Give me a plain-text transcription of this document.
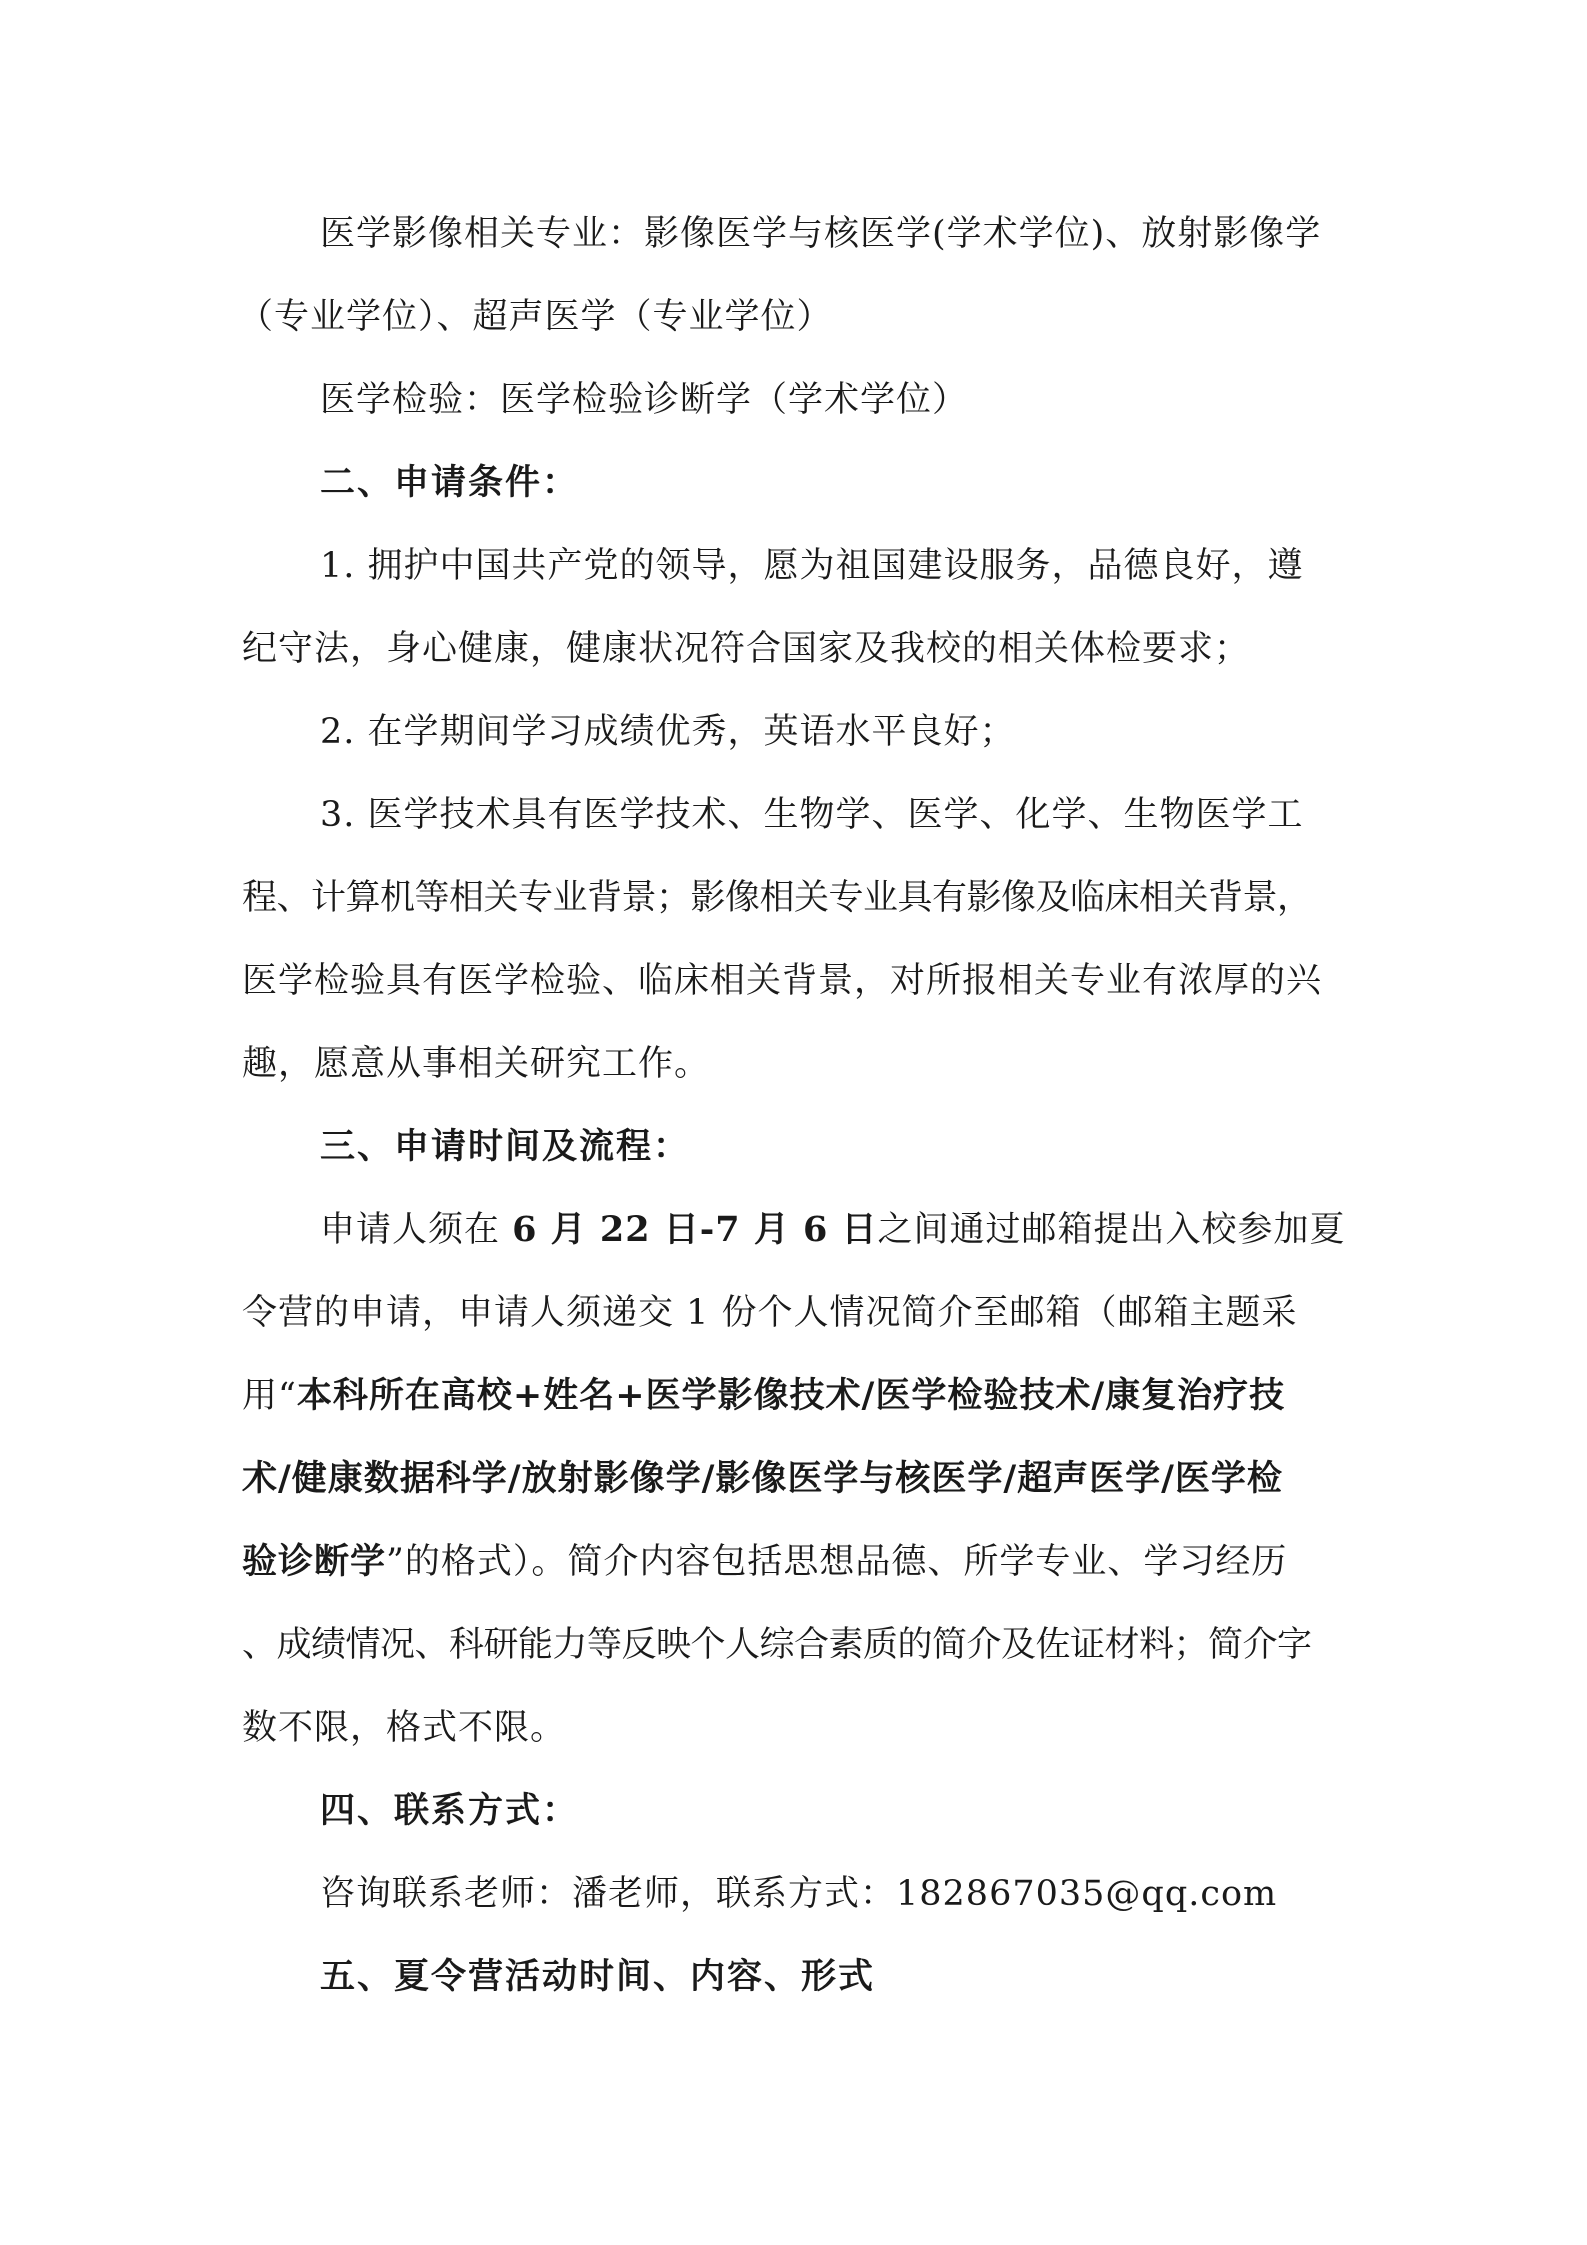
医学影像相关专业：影像医学与核医学(学术学位)、放射影像学
（专业学位）、超声医学（专业学位）
医学检验：医学检验诊断学（学术学位）
二、申请条件：
1. 拥护中国共产党的领导，愿为祖国建设服务，品德良好，遵
纪守法，身心健康，健康状况符合国家及我校的相关体检要求；
2. 在学期间学习成绩优秀，英语水平良好；
3. 医学技术具有医学技术、生物学、医学、化学、生物医学工
程、计算机等相关专业背景；影像相关专业具有影像及临床相关背景，
医学检验具有医学检验、临床相关背景，对所报相关专业有浓厚的兴
趣，愿意从事相关研究工作。
三、申请时间及流程：
申请人须在 6 月 22 日-7 月 6 日之间通过邮箱提出入校参加夏
令营的申请，申请人须递交 1 份个人情况简介至邮箱（邮箱主题采
用“本科所在高校+姓名+医学影像技术/医学检验技术/康复治疗技
术/健康数据科学/放射影像学/影像医学与核医学/超声医学/医学检
验诊断学”的格式）。简介内容包括思想品德、所学专业、学习经历
、成绩情况、科研能力等反映个人综合素质的简介及佐证材料；简介字
数不限，格式不限。
四、联系方式：
咨询联系老师：潘老师，联系方式：182867035@qq.com
五、夏令营活动时间、内容、形式
